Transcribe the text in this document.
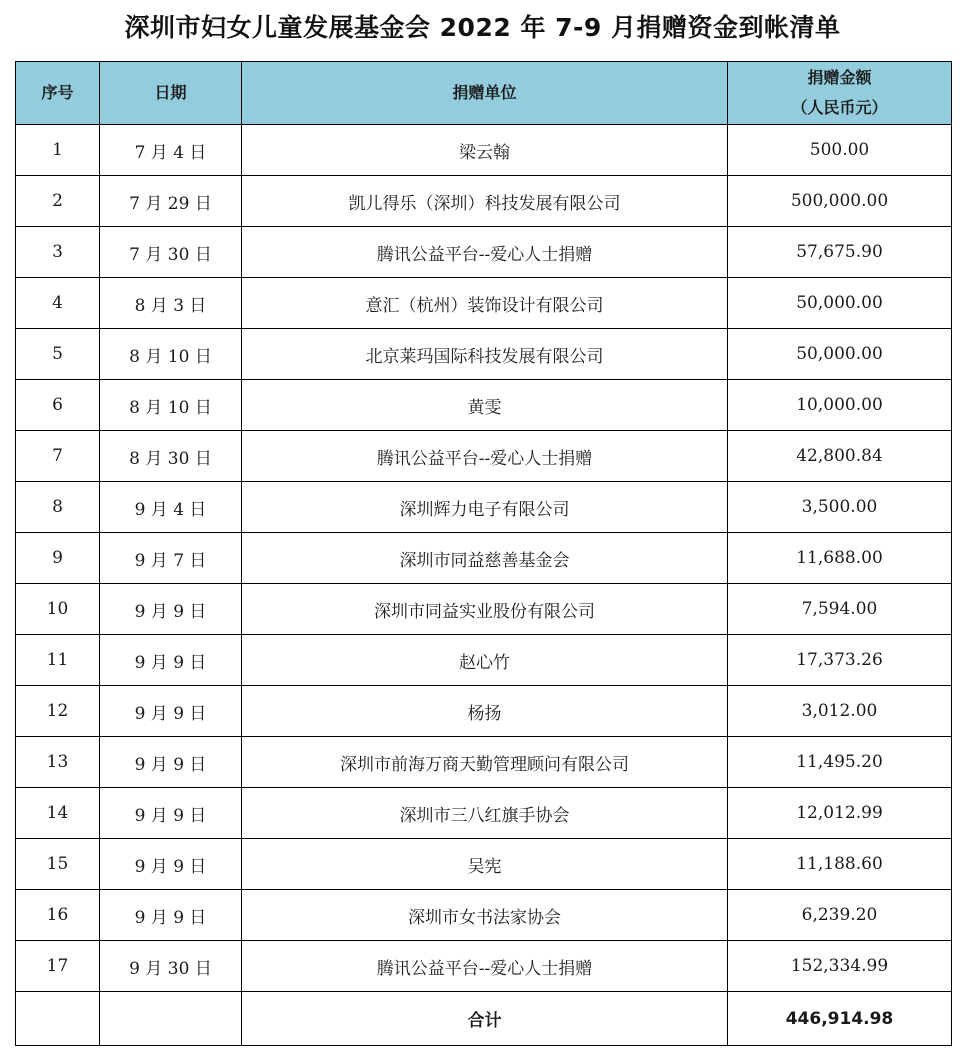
深圳市妇女儿童发展基金会 2022 年 7-9 月捐赠资金到帐清单
序号	日期	捐赠单位	捐赠金额
（人民币元）

1	7 月 4 日	梁云翰	500.00
2	7 月 29 日	凯儿得乐（深圳）科技发展有限公司	500,000.00
3	7 月 30 日	腾讯公益平台--爱心人士捐赠	57,675.90
4	8 月 3 日	意汇（杭州）装饰设计有限公司	50,000.00
5	8 月 10 日	北京莱玛国际科技发展有限公司	50,000.00
6	8 月 10 日	黄雯	10,000.00
7	8 月 30 日	腾讯公益平台--爱心人士捐赠	42,800.84
8	9 月 4 日	深圳辉力电子有限公司	3,500.00
9	9 月 7 日	深圳市同益慈善基金会	11,688.00
10	9 月 9 日	深圳市同益实业股份有限公司	7,594.00
11	9 月 9 日	赵心竹	17,373.26
12	9 月 9 日	杨扬	3,012.00
13	9 月 9 日	深圳市前海万商天勤管理顾问有限公司	11,495.20
14	9 月 9 日	深圳市三八红旗手协会	12,012.99
15	9 月 9 日	吴宪	11,188.60
16	9 月 9 日	深圳市女书法家协会	6,239.20
17	9 月 30 日	腾讯公益平台--爱心人士捐赠	152,334.99
		合计	446,914.98
